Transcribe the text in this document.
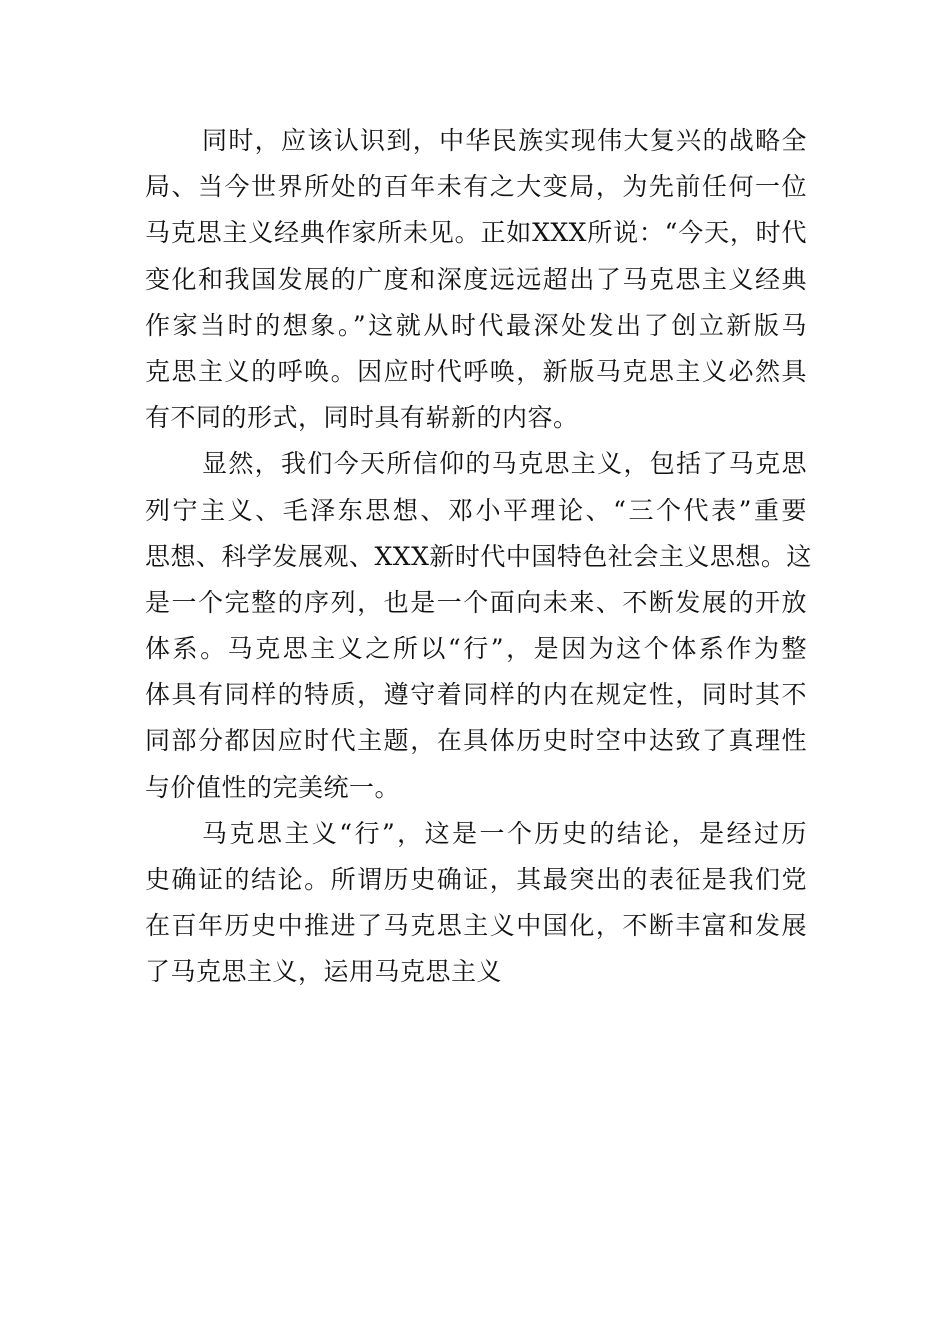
同时，应该认识到，中华民族实现伟大复兴的战略全
局、当今世界所处的百年未有之大变局，为先前任何一位
马克思主义经典作家所未见。正如XXX所说：“今天，时代
变化和我国发展的广度和深度远远超出了马克思主义经典
作家当时的想象。”这就从时代最深处发出了创立新版马
克思主义的呼唤。因应时代呼唤，新版马克思主义必然具
有不同的形式，同时具有崭新的内容。
显然，我们今天所信仰的马克思主义，包括了马克思
列宁主义、毛泽东思想、邓小平理论、“三个代表”重要
思想、科学发展观、XXX新时代中国特色社会主义思想。这
是一个完整的序列，也是一个面向未来、不断发展的开放
体系。马克思主义之所以“行”，是因为这个体系作为整
体具有同样的特质，遵守着同样的内在规定性，同时其不
同部分都因应时代主题，在具体历史时空中达致了真理性
与价值性的完美统一。
马克思主义“行”，这是一个历史的结论，是经过历
史确证的结论。所谓历史确证，其最突出的表征是我们党
在百年历史中推进了马克思主义中国化，不断丰富和发展
了马克思主义，运用马克思主义
